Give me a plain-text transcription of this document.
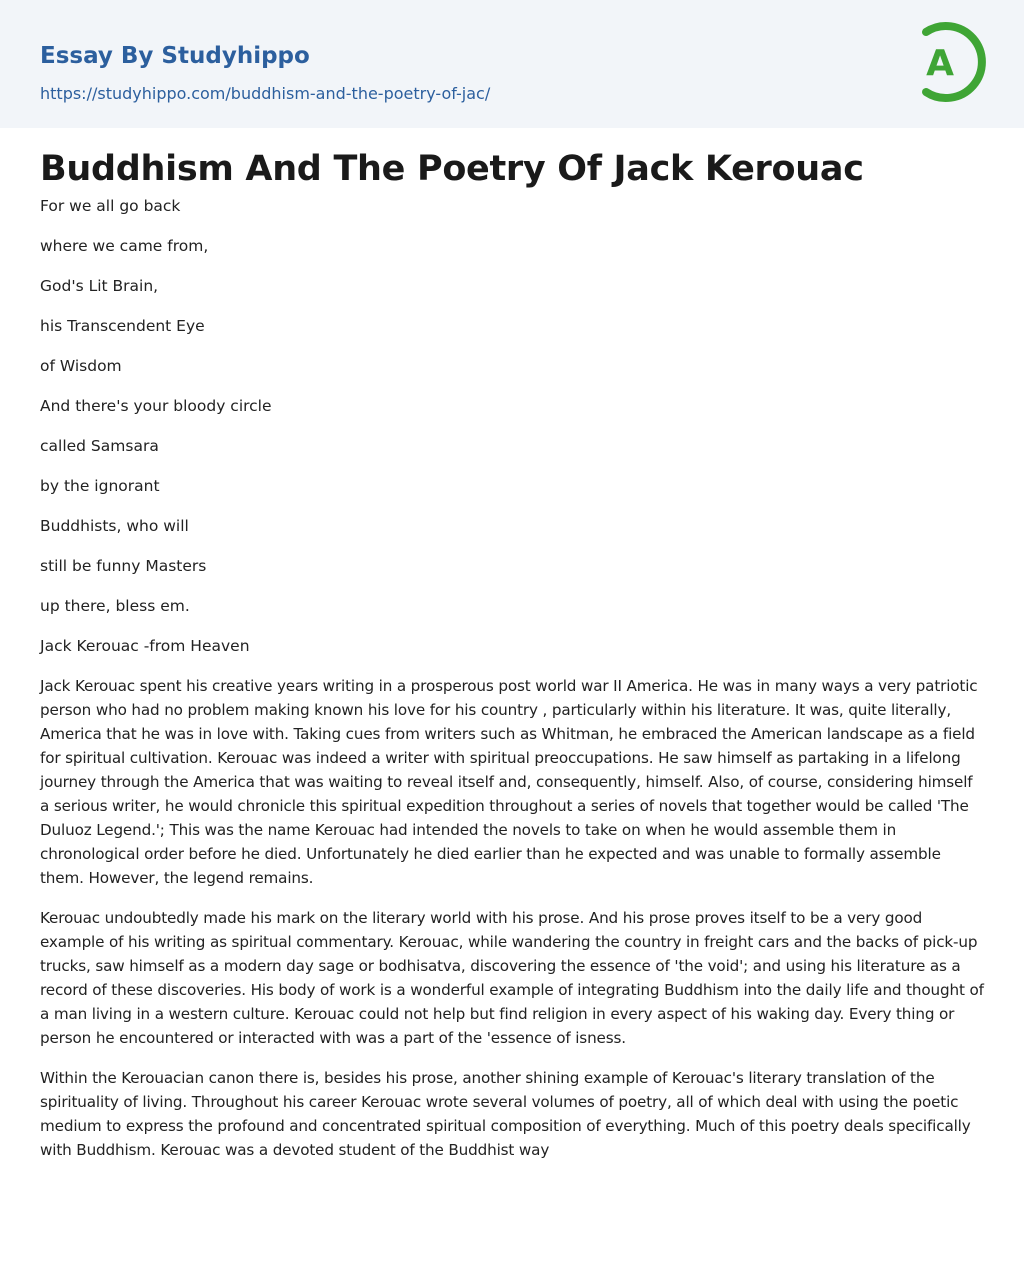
Essay By Studyhippo
https://studyhippo.com/buddhism-and-the-poetry-of-jac/
A
Buddhism And The Poetry Of Jack Kerouac

For we all go back

where we came from,

God's Lit Brain,

his Transcendent Eye

of Wisdom

And there's your bloody circle

called Samsara

by the ignorant

Buddhists, who will

still be funny Masters

up there, bless em.

Jack Kerouac -from Heaven

Jack Kerouac spent his creative years writing in a prosperous post world war II America. He was in many ways a very patriotic person who had no problem making known his love for his country , particularly within his literature. It was, quite literally, America that he was in love with. Taking cues from writers such as Whitman, he embraced the American landscape as a field for spiritual cultivation. Kerouac was indeed a writer with spiritual preoccupations. He saw himself as partaking in a lifelong journey through the America that was waiting to reveal itself and, consequently, himself. Also, of course, considering himself a serious writer, he would chronicle this spiritual expedition throughout a series of novels that together would be called 'The Duluoz Legend.'; This was the name Kerouac had intended the novels to take on when he would assemble them in chronological order before he died. Unfortunately he died earlier than he expected and was unable to formally assemble them. However, the legend remains.

Kerouac undoubtedly made his mark on the literary world with his prose. And his prose proves itself to be a very good example of his writing as spiritual commentary. Kerouac, while wandering the country in freight cars and the backs of pick-up trucks, saw himself as a modern day sage or bodhisatva, discovering the essence of 'the void'; and using his literature as a record of these discoveries. His body of work is a wonderful example of integrating Buddhism into the daily life and thought of a man living in a western culture. Kerouac could not help but find religion in every aspect of his waking day. Every thing or person he encountered or interacted with was a part of the 'essence of isness.

Within the Kerouacian canon there is, besides his prose, another shining example of Kerouac's literary translation of the spirituality of living. Throughout his career Kerouac wrote several volumes of poetry, all of which deal with using the poetic medium to express the profound and concentrated spiritual composition of everything. Much of this poetry deals specifically with Buddhism. Kerouac was a devoted student of the Buddhist way
